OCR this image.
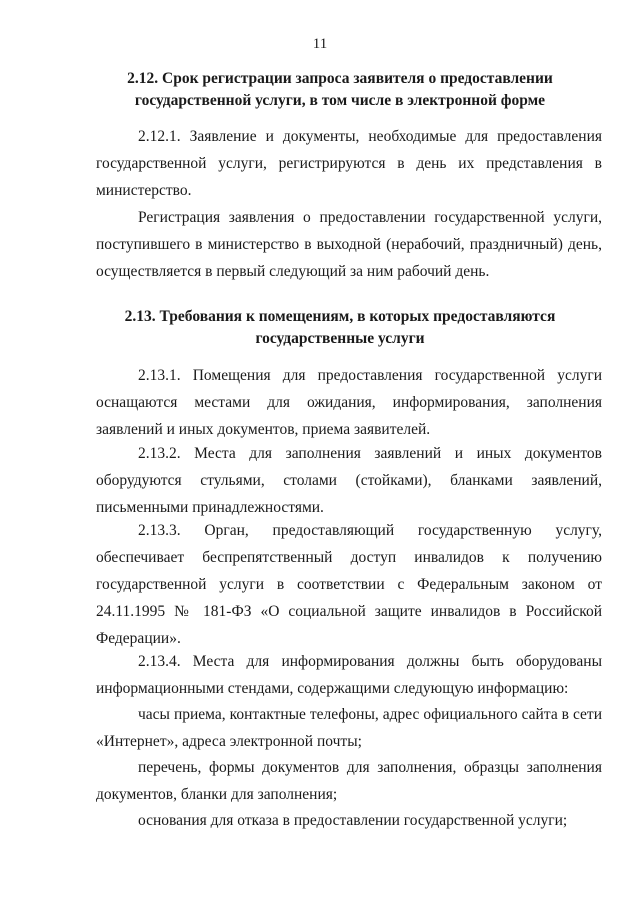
11
2.12. Срок регистрации запроса заявителя о предоставлении государственной услуги, в том числе в электронной форме

2.12.1. Заявление и документы, необходимые для предоставления государственной услуги, регистрируются в день их представления в министерство.

Регистрация заявления о предоставлении государственной услуги, поступившего в министерство в выходной (нерабочий, праздничный) день, осуществляется в первый следующий за ним рабочий день.

2.13. Требования к помещениям, в которых предоставляются государственные услуги

2.13.1. Помещения для предоставления государственной услуги оснащаются местами для ожидания, информирования, заполнения заявлений и иных документов, приема заявителей.

2.13.2. Места для заполнения заявлений и иных документов оборудуются стульями, столами (стойками), бланками заявлений, письменными принадлежностями.

2.13.3. Орган, предоставляющий государственную услугу, обеспечивает беспрепятственный доступ инвалидов к получению государственной услуги в соответствии с Федеральным законом от 24.11.1995 № 181-ФЗ «О социальной защите инвалидов в Российской Федерации».

2.13.4. Места для информирования должны быть оборудованы информационными стендами, содержащими следующую информацию:

часы приема, контактные телефоны, адрес официального сайта в сети «Интернет», адреса электронной почты;

перечень, формы документов для заполнения, образцы заполнения документов, бланки для заполнения;

основания для отказа в предоставлении государственной услуги;
